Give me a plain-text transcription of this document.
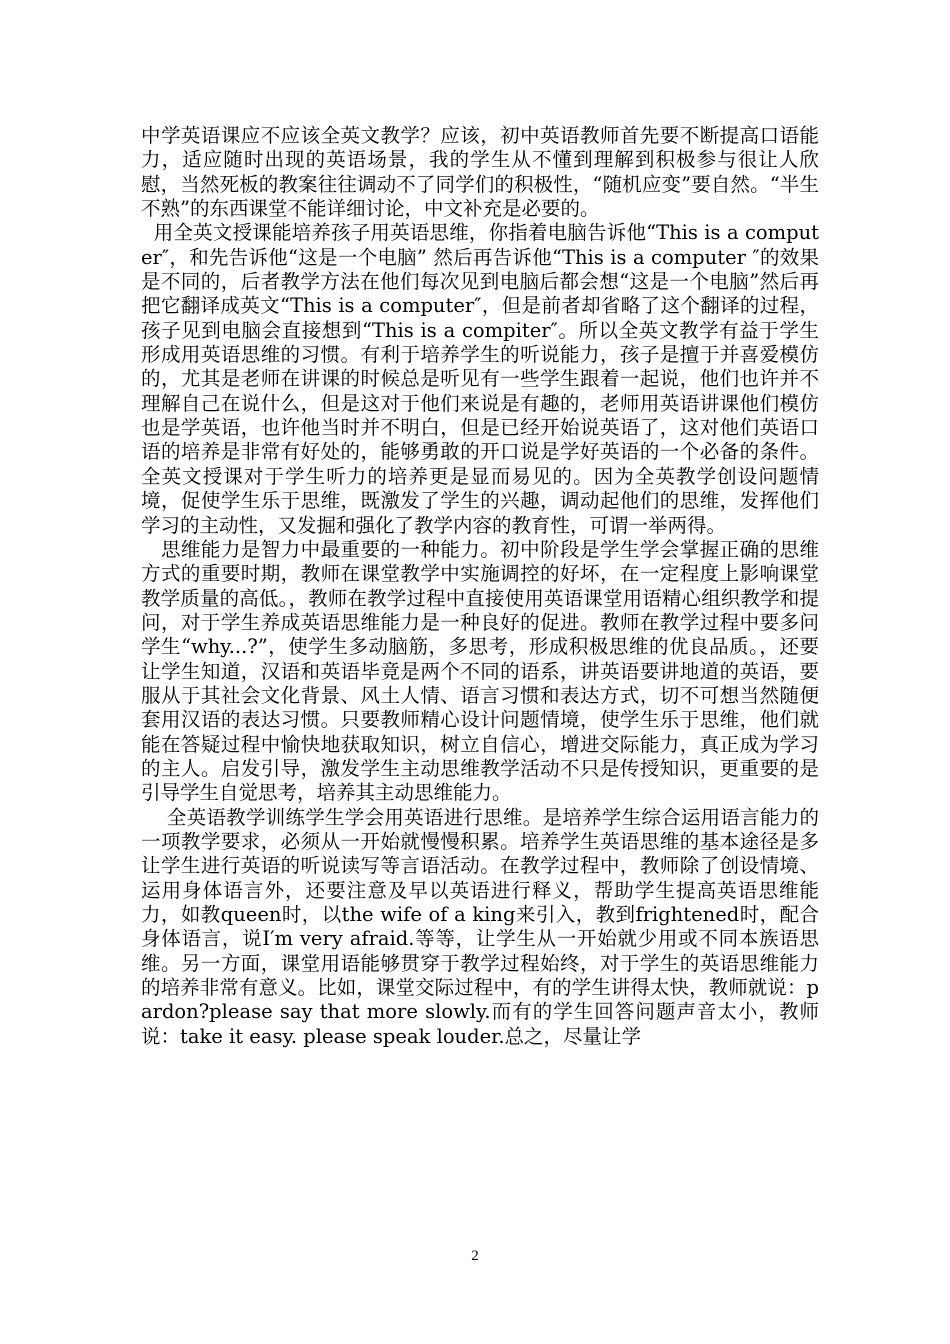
中学英语课应不应该全英文教学？应该，初中英语教师首先要不断提高口语能力，适应随时出现的英语场景，我的学生从不懂到理解到积极参与很让人欣慰，当然死板的教案往往调动不了同学们的积极性，“随机应变”要自然。“半生不熟”的东西课堂不能详细讨论，中文补充是必要的。

用全英文授课能培养孩子用英语思维，你指着电脑告诉他“This is a computer″，和先告诉他“这是一个电脑” 然后再告诉他“This is a computer ″的效果是不同的，后者教学方法在他们每次见到电脑后都会想“这是一个电脑”然后再把它翻译成英文“This is a computer″，但是前者却省略了这个翻译的过程，孩子见到电脑会直接想到“This is a compiter″。所以全英文教学有益于学生形成用英语思维的习惯。有利于培养学生的听说能力，孩子是擅于并喜爱模仿的，尤其是老师在讲课的时候总是听见有一些学生跟着一起说，他们也许并不理解自己在说什么，但是这对于他们来说是有趣的，老师用英语讲课他们模仿也是学英语，也许他当时并不明白，但是已经开始说英语了，这对他们英语口语的培养是非常有好处的，能够勇敢的开口说是学好英语的一个必备的条件。全英文授课对于学生听力的培养更是显而易见的。因为全英教学创设问题情境，促使学生乐于思维，既激发了学生的兴趣，调动起他们的思维，发挥他们学习的主动性，又发掘和强化了教学内容的教育性，可谓一举两得。

思维能力是智力中最重要的一种能力。初中阶段是学生学会掌握正确的思维方式的重要时期，教师在课堂教学中实施调控的好坏，在一定程度上影响课堂教学质量的高低。，教师在教学过程中直接使用英语课堂用语精心组织教学和提问，对于学生养成英语思维能力是一种良好的促进。教师在教学过程中要多问学生“why...?”，使学生多动脑筋，多思考，形成积极思维的优良品质。，还要让学生知道，汉语和英语毕竟是两个不同的语系，讲英语要讲地道的英语，要服从于其社会文化背景、风土人情、语言习惯和表达方式，切不可想当然随便套用汉语的表达习惯。只要教师精心设计问题情境，使学生乐于思维，他们就能在答疑过程中愉快地获取知识，树立自信心，增进交际能力，真正成为学习的主人。启发引导，激发学生主动思维教学活动不只是传授知识，更重要的是引导学生自觉思考，培养其主动思维能力。

全英语教学训练学生学会用英语进行思维。是培养学生综合运用语言能力的一项教学要求，必须从一开始就慢慢积累。培养学生英语思维的基本途径是多让学生进行英语的听说读写等言语活动。在教学过程中，教师除了创设情境、运用身体语言外，还要注意及早以英语进行释义，帮助学生提高英语思维能力，如教queen时，以the wife of a king来引入，教到frightened时，配合身体语言，说I′m very afraid.等等，让学生从一开始就少用或不同本族语思维。另一方面，课堂用语能够贯穿于教学过程始终，对于学生的英语思维能力的培养非常有意义。比如，课堂交际过程中，有的学生讲得太快，教师就说：pardon?please say that more slowly.而有的学生回答问题声音太小，教师说：take it easy. please speak louder.总之，尽量让学

2
